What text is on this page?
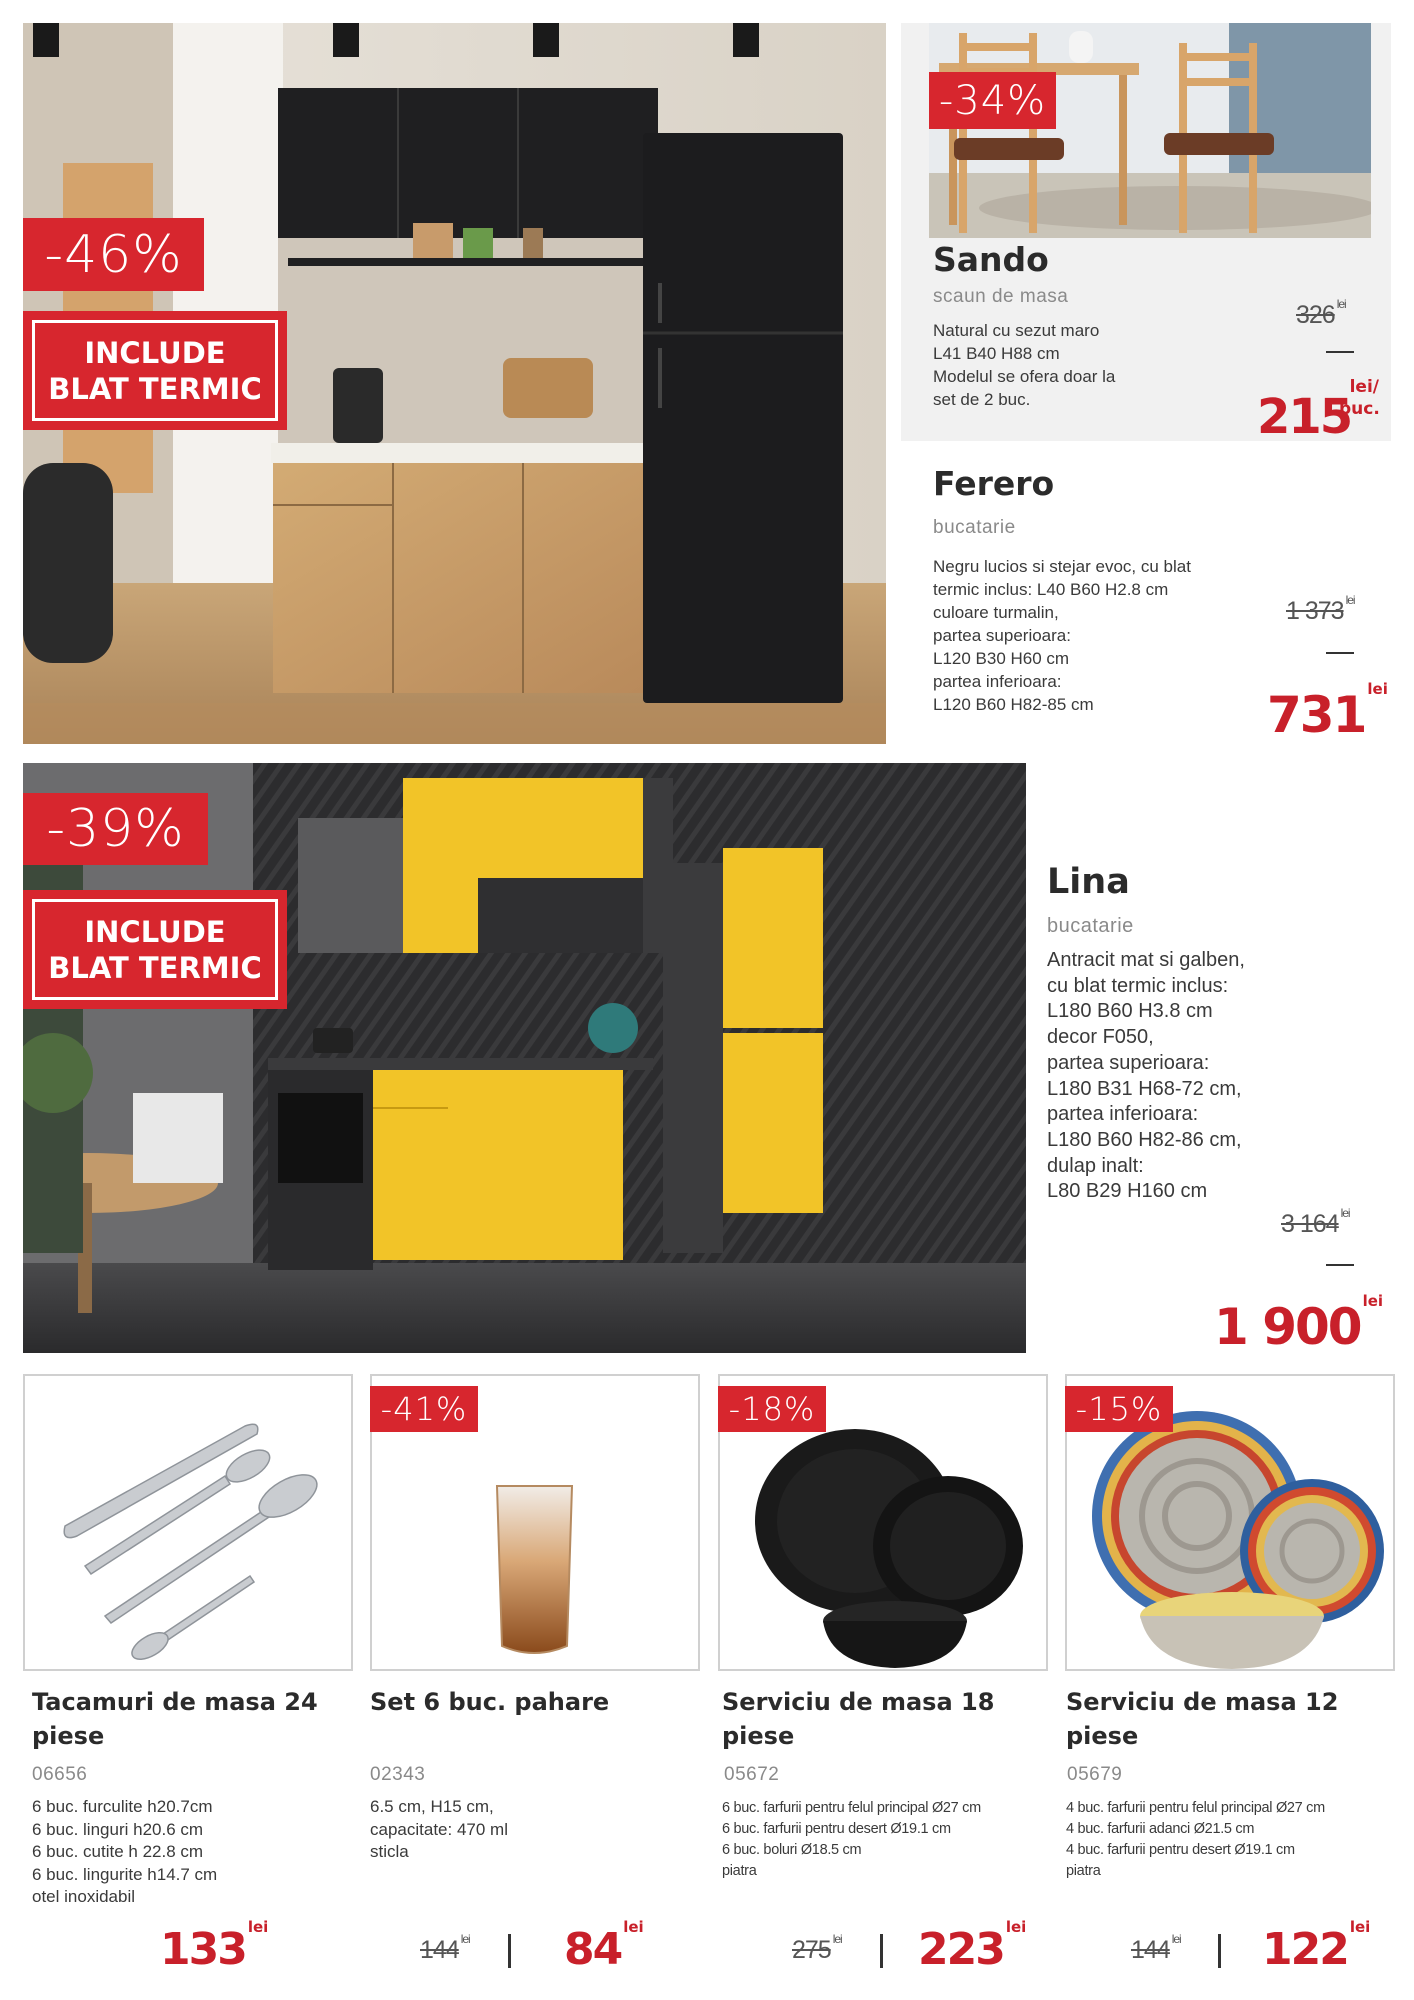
-46%
INCLUDE
BLAT TERMIC
-34%
Sando
scaun de masa
Natural cu sezut maro
L41 B40 H88 cm
Modelul se ofera doar la
set de 2 buc.
326 lei
215
lei/
buc.
Ferero
bucatarie
Negru lucios si stejar evoc, cu blat
termic inclus: L40 B60 H2.8 cm
culoare turmalin,
partea superioara:
L120 B30 H60 cm
partea inferioara:
L120 B60 H82-85 cm
1 373 lei
731 lei
-39%
INCLUDE
BLAT TERMIC
Lina
bucatarie
Antracit mat si galben,
cu blat termic inclus:
L180 B60 H3.8 cm
decor F050,
partea superioara:
L180 B31 H68-72 cm,
partea inferioara:
L180 B60 H82-86 cm,
dulap inalt:
L80 B29 H160 cm
3 164 lei
1 900 lei
Tacamuri de masa 24
piese
06656
6 buc. furculite h20.7cm
6 buc. linguri h20.6 cm
6 buc. cutite h 22.8 cm
6 buc. lingurite h14.7 cm
otel inoxidabil
133 lei
-41%
Set 6 buc. pahare
02343
6.5 cm, H15 cm,
capacitate: 470 ml
sticla
144 lei 84 lei
-18%
Serviciu de masa 18
piese
05672
6 buc. farfurii pentru felul principal Ø27 cm
6 buc. farfurii pentru desert Ø19.1 cm
6 buc. boluri Ø18.5 cm
piatra
275 lei 223 lei
-15%
Serviciu de masa 12
piese
05679
4 buc. farfurii pentru felul principal Ø27 cm
4 buc. farfurii adanci Ø21.5 cm
4 buc. farfurii pentru desert Ø19.1 cm
piatra
144 lei 122 lei
